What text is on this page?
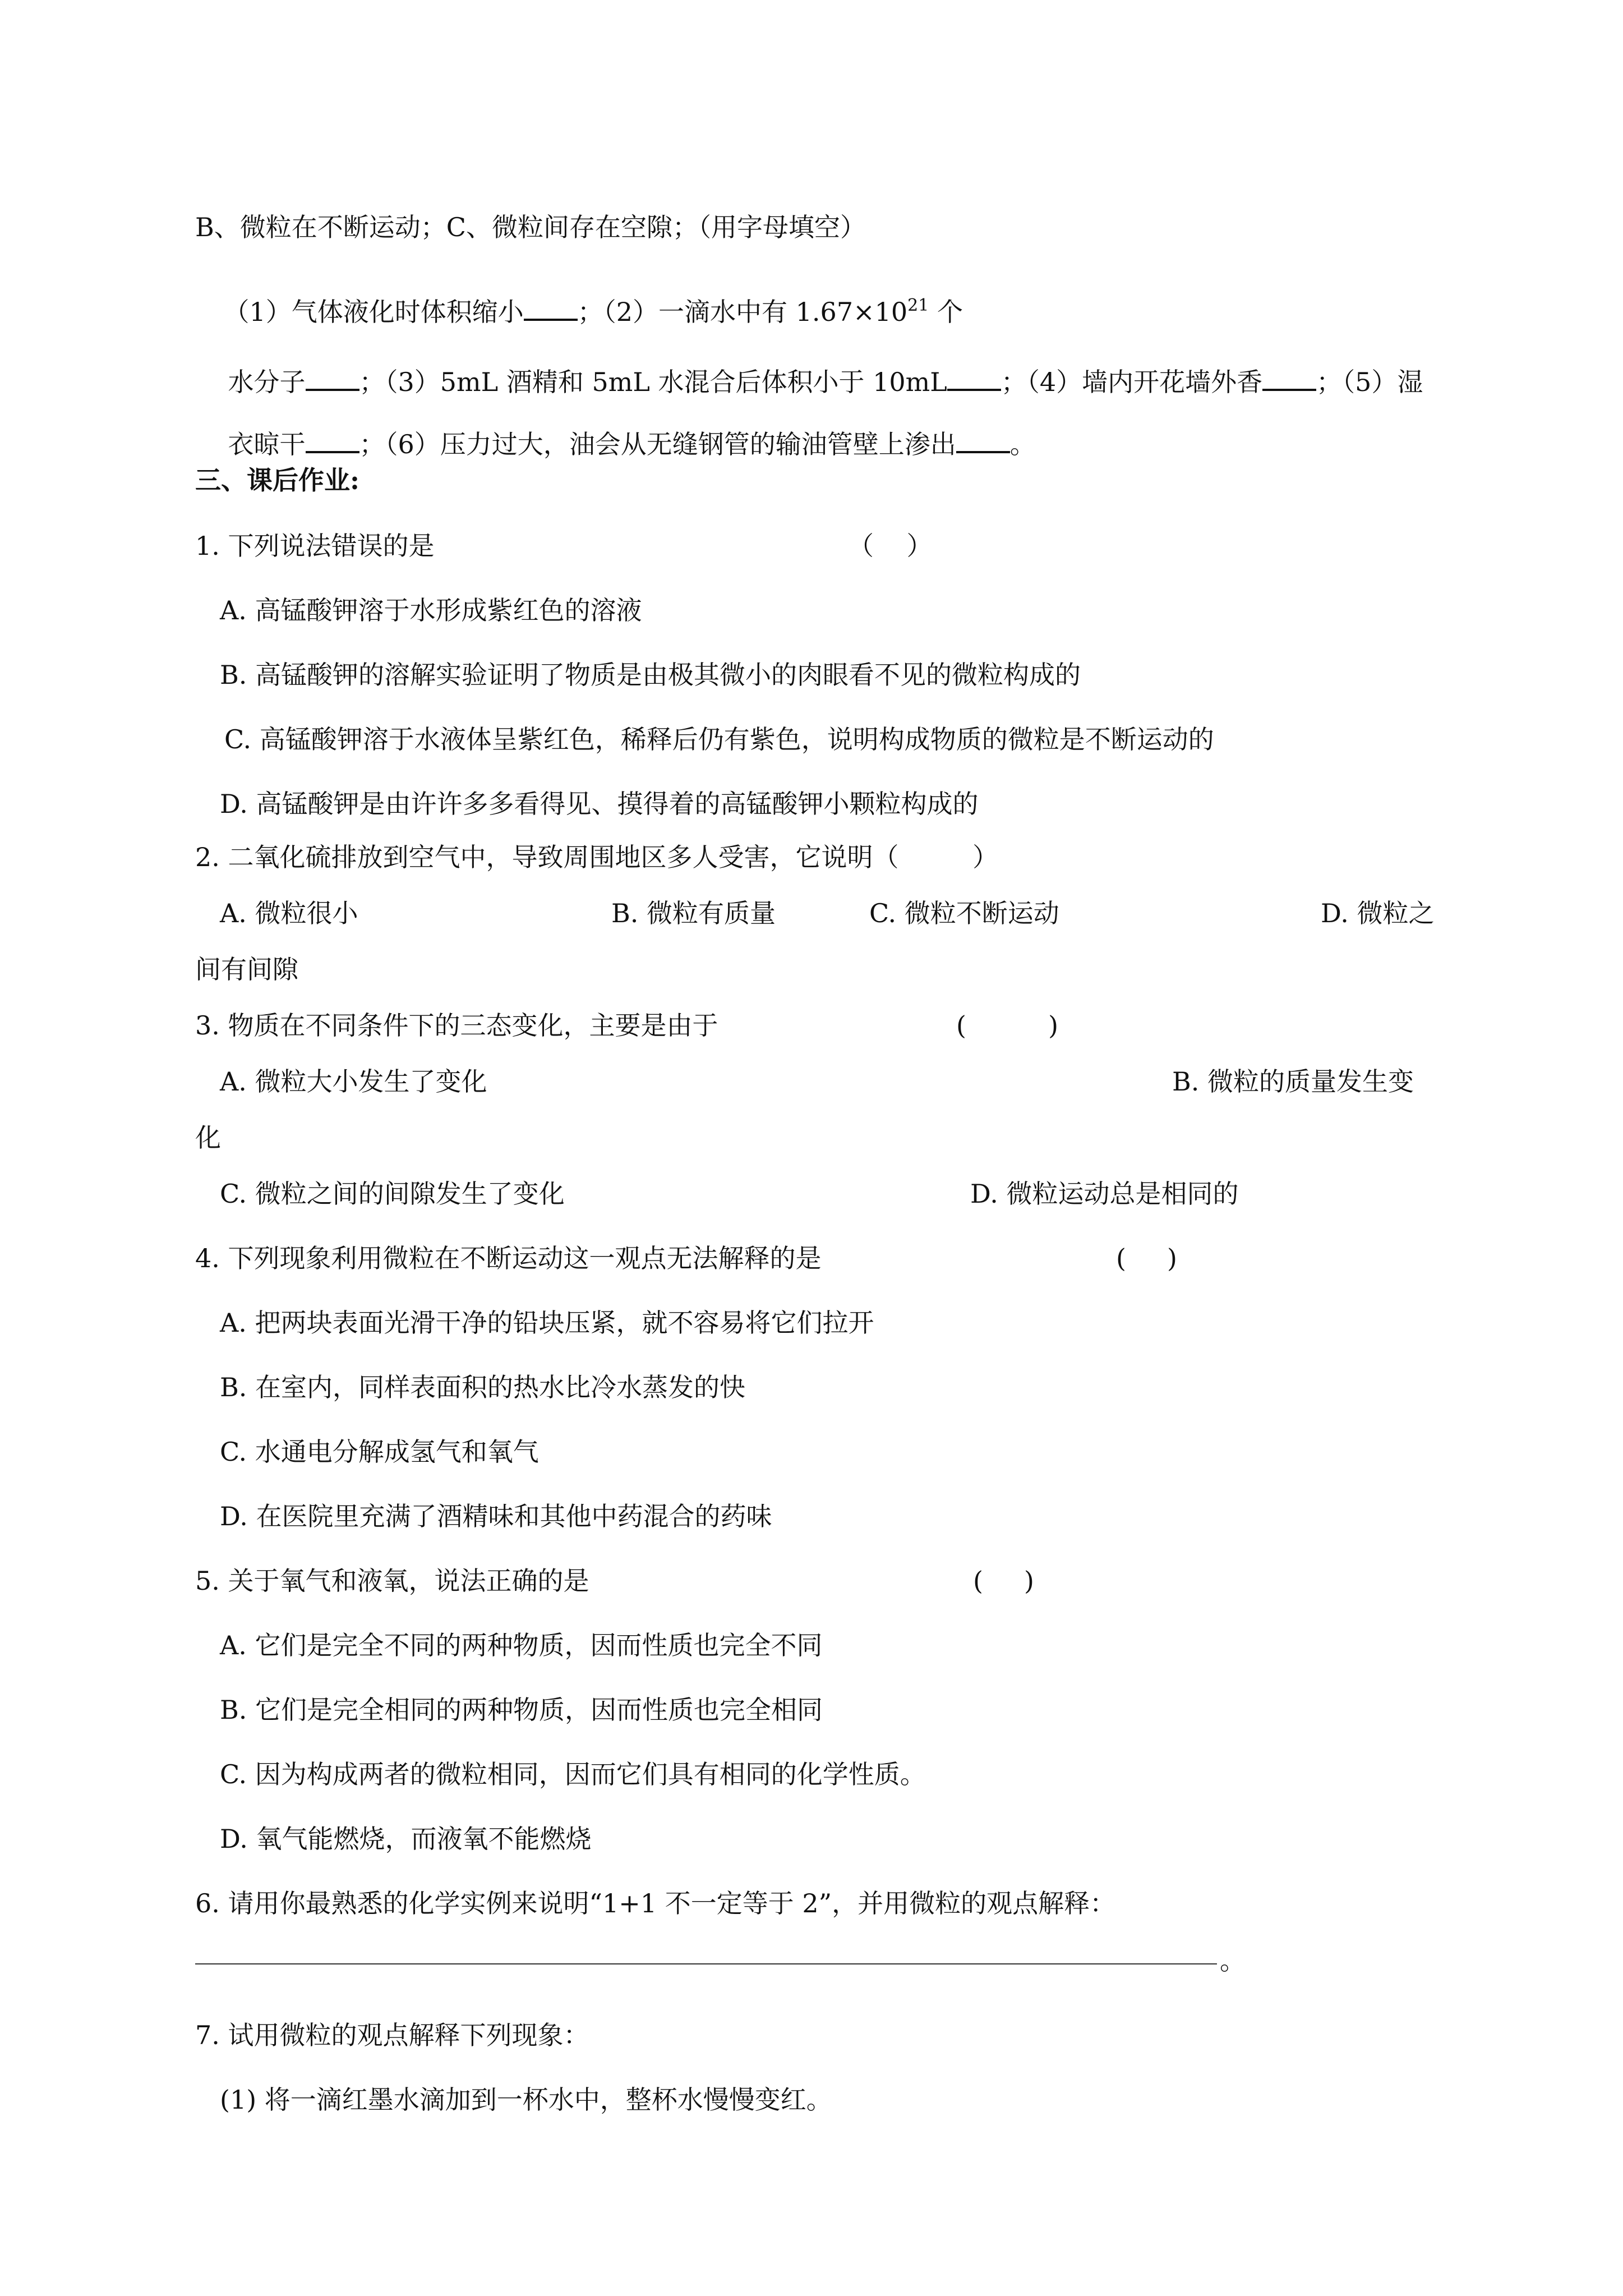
B、微粒在不断运动；C、微粒间存在空隙；（用字母填空）

（1）气体液化时体积缩小 ；（2）一滴水中有 $1.67\times 10^{21}$ 个

水分子 ；（3）5mL 酒精和 5mL 水混合后体积小于 10mL ；（4）墙内开花墙外香 ；（5）湿

衣晾干 ；（6）压力过大，油会从无缝钢管的输油管壁上渗出 。

三、课后作业:
1. 下列说法错误的是	（    ）
A. 高锰酸钾溶于水形成紫红色的溶液
B. 高锰酸钾的溶解实验证明了物质是由极其微小的肉眼看不见的微粒构成的
C. 高锰酸钾溶于水液体呈紫红色，稀释后仍有紫色，说明构成物质的微粒是不断运动的
D. 高锰酸钾是由许许多多看得见、摸得着的高锰酸钾小颗粒构成的
2. 二氧化硫排放到空气中，导致周围地区多人受害，它说明（         ）
A. 微粒很小	B. 微粒有质量	C. 微粒不断运动	D. 微粒之
间有间隙
3. 物质在不同条件下的三态变化，主要是由于	(          )
A. 微粒大小发生了变化	B. 微粒的质量发生变
化
C. 微粒之间的间隙发生了变化	D. 微粒运动总是相同的
4. 下列现象利用微粒在不断运动这一观点无法解释的是	(     )
A. 把两块表面光滑干净的铅块压紧，就不容易将它们拉开
B. 在室内，同样表面积的热水比冷水蒸发的快
C. 水通电分解成氢气和氧气
D. 在医院里充满了酒精味和其他中药混合的药味
5. 关于氧气和液氧，说法正确的是	(     )
A. 它们是完全不同的两种物质，因而性质也完全不同
B. 它们是完全相同的两种物质，因而性质也完全相同
C. 因为构成两者的微粒相同，因而它们具有相同的化学性质。
D. 氧气能燃烧，而液氧不能燃烧
6. 请用你最熟悉的化学实例来说明“1+1 不一定等于 2”，并用微粒的观点解释：
。
7. 试用微粒的观点解释下列现象：
(1) 将一滴红墨水滴加到一杯水中，整杯水慢慢变红。
